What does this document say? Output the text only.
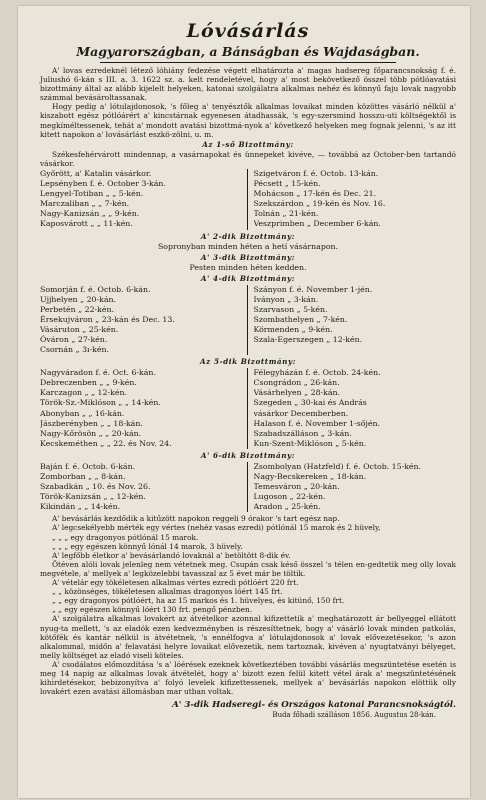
Lóvásárlás
Magyarországban, a Bánságban és Wajdaságban.

A' lovas ezredeknél létező lóhiány fedezése végett elhatározta a' magas hadsereg főparancsnokság f. é. Juliushó 6-kán s III. a. 3. 1622 sz. a. kelt rendeletével, hogy a' most bekövetkező összel több pótlóavatási bizottmány által az alább kijelelt helyeken, katonai szolgálatra alkalmas nehéz és könnyű faju lovak nagyobb számmal bevásároltassanak.

Hogy pedig a' lótulajdonosok, 's főleg a' tenyésztők alkalmas lovaikat minden közöttes vásárló nélkül a' kiszabott egész pótlóárért a' kincstárnak egyenesen átadhassák, 's egy-szersmind hosszu-uti költségektől is megkíméltessenek, tehát a' mondott avatási bizottmá-nyok a' következő helyeken meg fognak jelenni, 's az itt kitett napokon a' lovásárlást eszkö-zölni, u. m.

Az 1-ső Bizottmány:

Székesfehérvárott mindennap, a vasárnapokat és ünnepeket kivéve, — továbbá az October-ben tartandó vásárkor.

Győrött, a' Katalin vásárkor.
Lepsényben f. é. October 3-kán.
Lengyel-Totiban „ „ 5-kén.
Marczaliban „ „ 7-kén.
Nagy-Kanizsán „ „ 9-kén.
Kaposvárott „ „ 11-kén.
Szigetváron f. é. Octob. 13-kán.
Pécsett „ 15-kén.
Mohácson „ 17-kén és Dec. 21.
Szekszárdon „ 19-kén és Nov. 16.
Tolnán „ 21-kén.
Veszprimben „ December 6-kán.
A' 2-dik Bizottmány:
Sopronyban minden héten a hetí vásárnapon.
A' 3-dik Bizottmány:
Pesten minden héten kedden.
A' 4-dik Bizottmány:
Somorján f. é. Octob. 6-kán.
Ujjhelyen „ 20-kán.
Perbetén „ 22-kén.
Érsekujváron „ 23-kán és Dec. 13.
Vásáruton „ 25-kén.
Óváron „ 27-kén.
Csornán „ 3ı-kén.
Szányon f. é. November 1-jén.
Iványon „ 3-kán.
Szarvason „ 5-kén.
Szombathelyen „ 7-kén.
Körmenden „ 9-kén.
Szala-Egerszegen „ 12-kén.
Az 5-dik Bizottmány:
Nagyváradon f. é. Oct. 6-kán.
Debreczenben „ „ 9-kén.
Karczagon „ „ 12-kén.
Török-Sz.-Miklóson „ „ 14-kén.
Abonyban „ „ 16-kán.
Jászberényben „ „ 18-kán.
Nagy-Kőrösön „ „ 20-kán.
Kecskeméthen „ „ 22. és Nov. 24.
Félegyházán f. é. Octob. 24-kén.
Csongrádon „ 26-kán.
Vásárhelyen „ 28-kán.
Szegeden „ 30-kai és András
vásárkor Decemberben.
Halason f. é. November 1-sőjén.
Szabadszálláson „ 3-kán.
Kun-Szent-Miklóson „ 5-kén.
A' 6-dik Bizottmány:
Baján f. é. Octob. 6-kán.
Zomborban „ „ 8-kán.
Szabadkán „ 10. és Nov. 26.
Török-Kanizsán „ „ 12-kén.
Kikindán „ „ 14-kén.
Zsombolyan (Hatzfeld) f. é. Octob. 15-kén.
Nagy-Becskereken „ 18-kán.
Temesváron „ 20-kán.
Lugoson „ 22-kén.
Aradon „ 25-kén.
A' bevásárlás kezdődik a kitűzött napokon reggeli 9 órakor 's tart egész nap.
A' legcsekélyebb mérték egy vértes (nehéz vasas ezredi) pótlónál 15 marok és 2 hüvely,
„ „ „ egy dragonyos pótlónál 15 marok.
„ „ „ egy egészen könnyű lónál 14 marok, 3 hüvely.
A' legfőbb életkor a' bevásárlandó lovaknál a' betöltött 8-dik év.

Ötéven alóli lovak jelenleg nem vétetnek meg. Csupán csak késő összel 's télen en-gedtetik meg olly lovak megvétele, a' mellyek a' legközelebbi tavasszal az 5 évet már be töltik.

A' vételár egy tökéletesen alkalmas vértes ezredi pótlóért 220 frt.
„ „ közönséges, tökéletesen alkalmas dragonyos lóért 145 frt.
„ „ egy dragonyos pótlóért, ha az 15 markos és 1. hüvelyes, és kitünő, 150 frt.
„ „ egy egészen könnyű lóért 130 frt. pengő pénzben.

A' szolgálatra alkalmas lovakért az átvételkor azonnal kifizettetik a' meghatározott ár bellyeggel ellátott nyug-ta mellett, 's az eladók ezen kedvezményben is részesíttetnek, hogy a' vásárló lovak minden patkolás, kötőfék és kantár nélkül is átvétetnek, 's ennélfogva a' lótulajdonosok a' lovak elővezetésekor, 's azon alkalommal, midőn a' felavatási helyre lovaikat elővezetik, nem tartoznak, kivéven a' nyugtatványi bélyeget, melly költséget az eladó viseli köteles.

A' csodálatos előmozdítása 's a' lóérések ezeknek következtében további vásárlás megszüntetése esetén is meg 14 napig az alkalmas lovak átvételét, hogy a' bizott ezen felül kitett vétel árak a' megszüntetésének kihirdetésekor, bebizonyítva a' folyó levelek kifizettessenek, mellyek a' bevásárlás napokon elöttük olly lovakért ezen avatási állomásban mar utban voltak.

A' 3-dik Hadseregi- és Országos katonai Parancsnokságtól.
Buda főhadi szálláson 1856. Augustus 28-kán.
